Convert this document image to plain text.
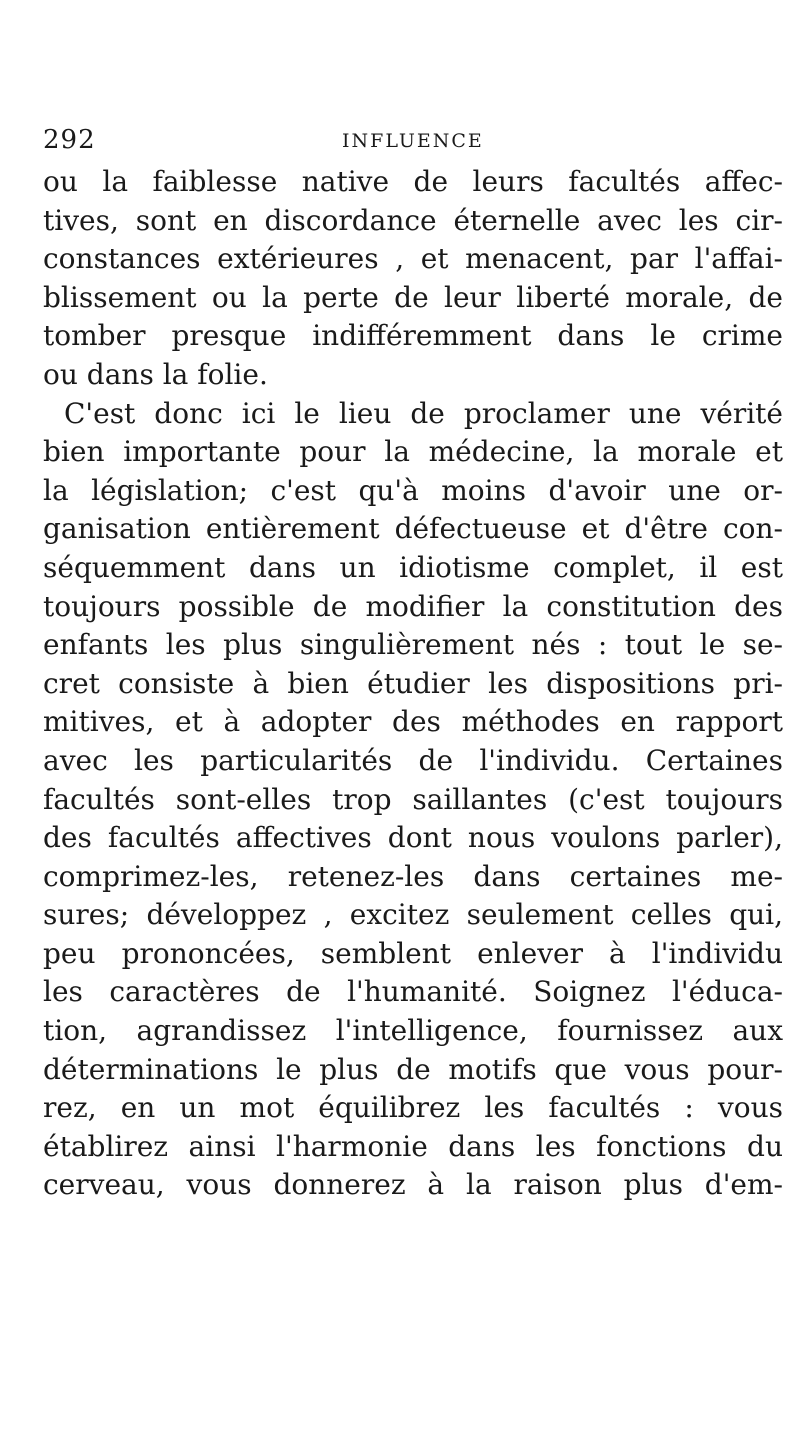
292	INFLUENCE
ou la faiblesse native de leurs facultés affec-
tives, sont en discordance éternelle avec les cir-
constances extérieures , et menacent, par l'affai-
blissement ou la perte de leur liberté morale, de
tomber presque indifféremment dans le crime
ou dans la folie.
C'est donc ici le lieu de proclamer une vérité
bien importante pour la médecine, la morale et
la législation; c'est qu'à moins d'avoir une or-
ganisation entièrement défectueuse et d'être con-
séquemment dans un idiotisme complet, il est
toujours possible de modifier la constitution des
enfants les plus singulièrement nés : tout le se-
cret consiste à bien étudier les dispositions pri-
mitives, et à adopter des méthodes en rapport
avec les particularités de l'individu. Certaines
facultés sont-elles trop saillantes (c'est toujours
des facultés affectives dont nous voulons parler),
comprimez-les, retenez-les dans certaines me-
sures; développez , excitez seulement celles qui,
peu prononcées, semblent enlever à l'individu
les caractères de l'humanité. Soignez l'éduca-
tion, agrandissez l'intelligence, fournissez aux
déterminations le plus de motifs que vous pour-
rez, en un mot équilibrez les facultés : vous
établirez ainsi l'harmonie dans les fonctions du
cerveau, vous donnerez à la raison plus d'em-
